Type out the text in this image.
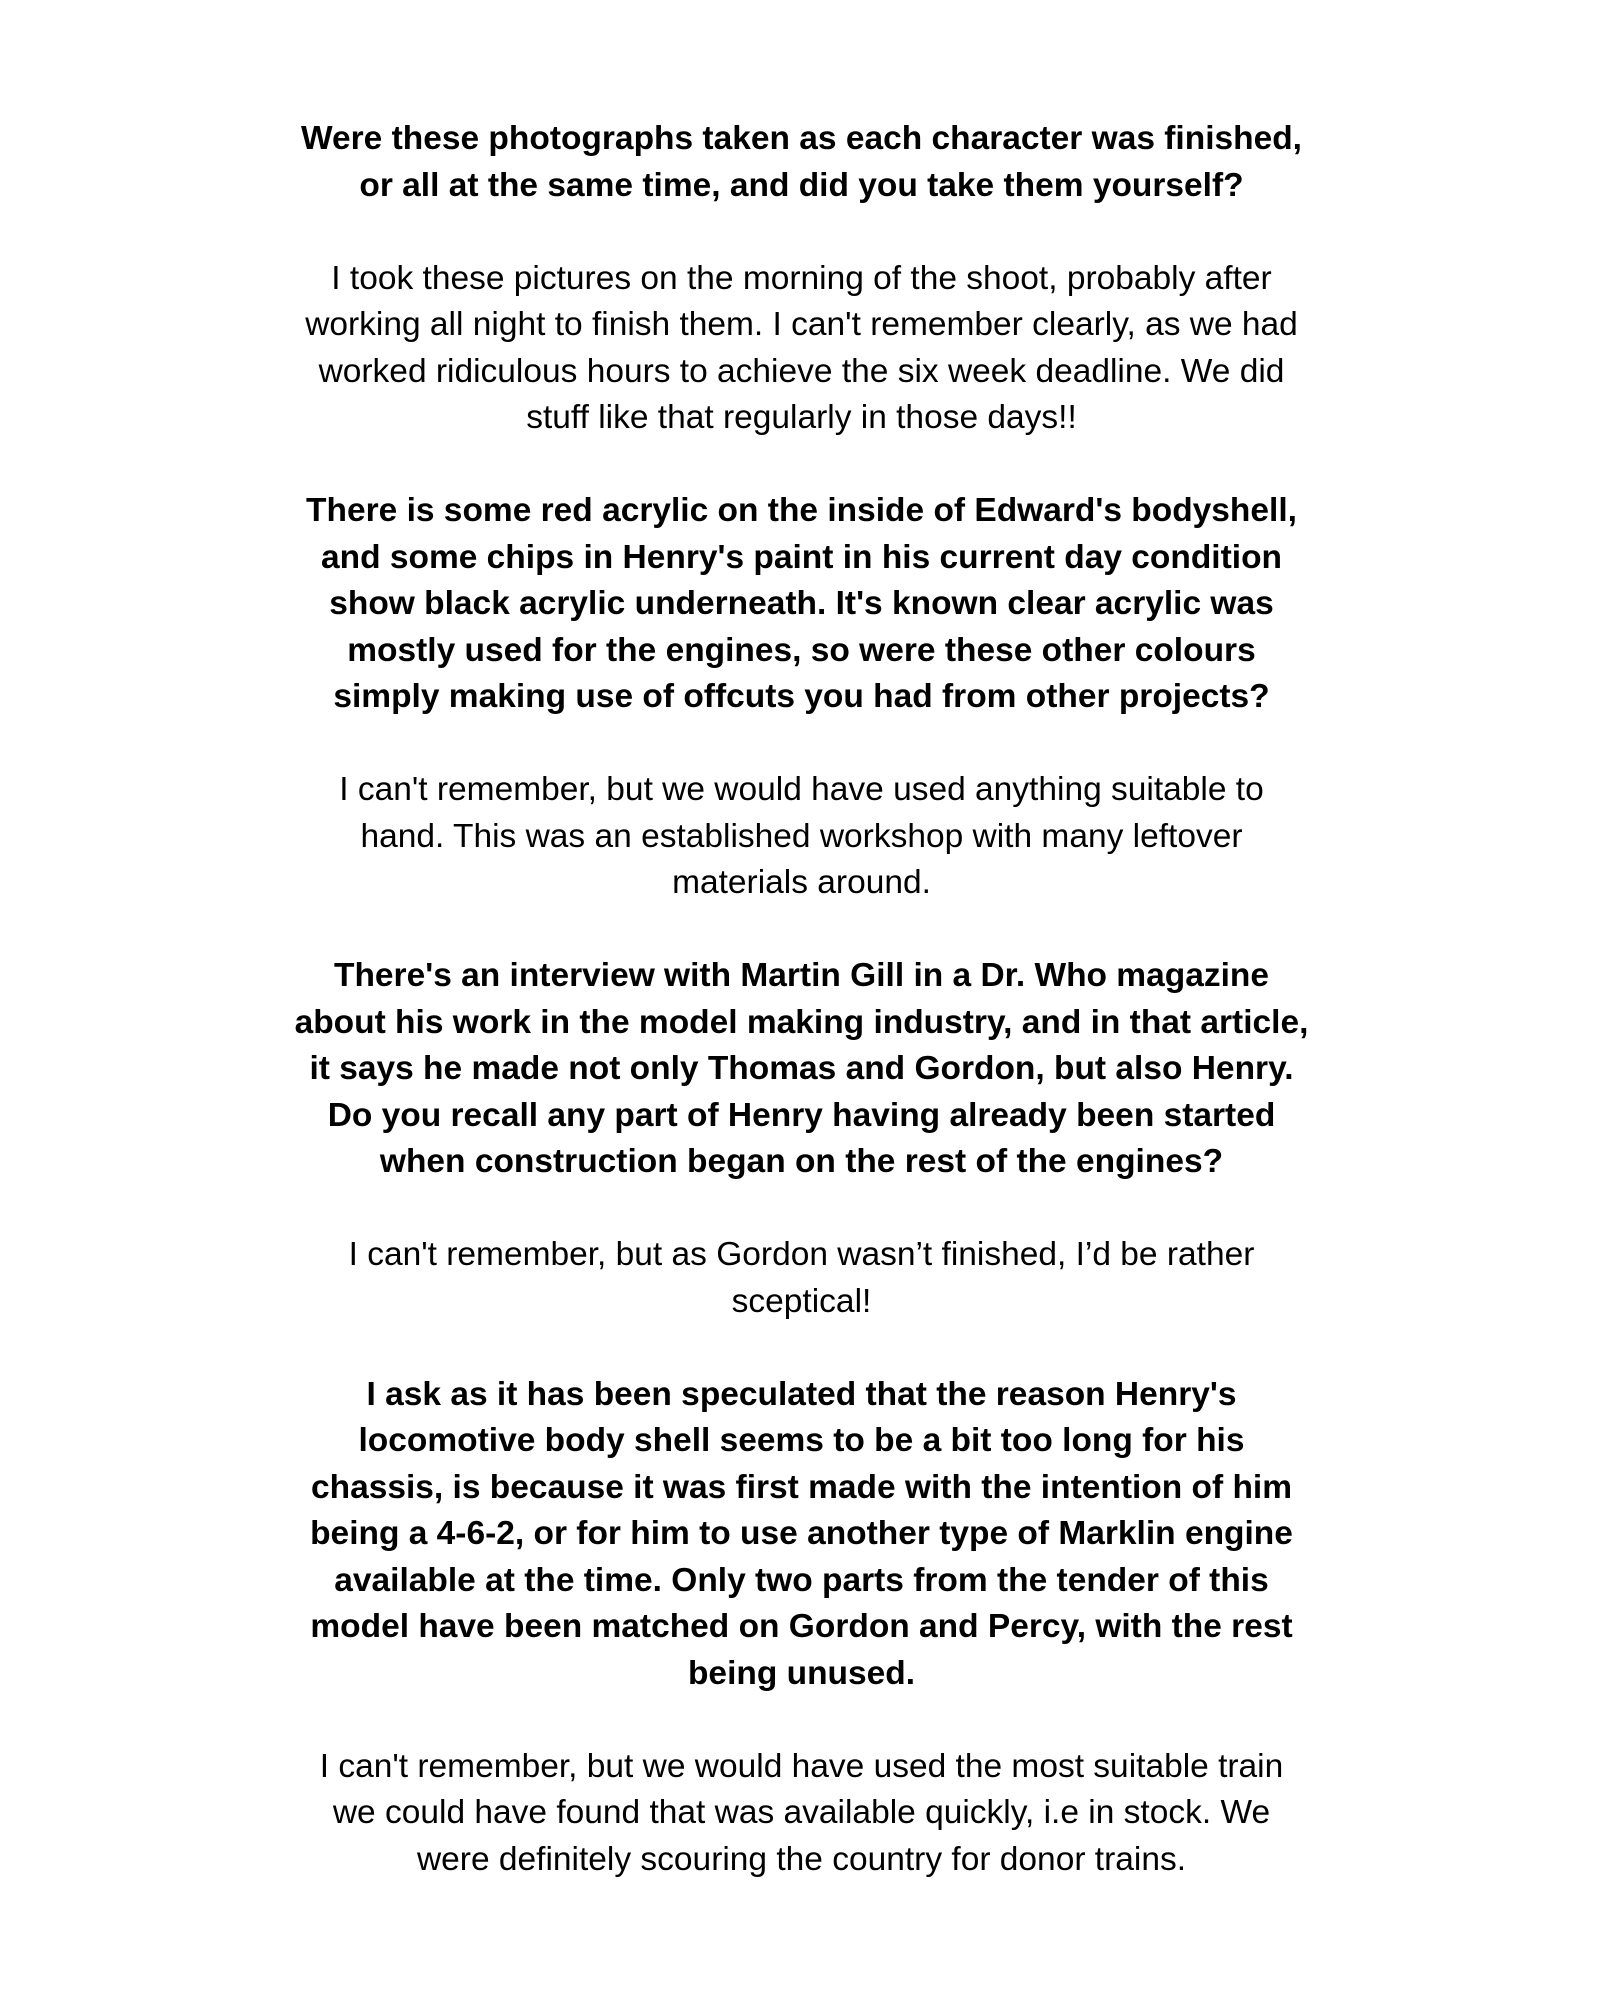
Were these photographs taken as each character was finished,
or all at the same time, and did you take them yourself?

I took these pictures on the morning of the shoot, probably after
working all night to finish them. I can't remember clearly, as we had
worked ridiculous hours to achieve the six week deadline. We did
stuff like that regularly in those days!!

There is some red acrylic on the inside of Edward's bodyshell,
and some chips in Henry's paint in his current day condition
show black acrylic underneath. It's known clear acrylic was
mostly used for the engines, so were these other colours
simply making use of offcuts you had from other projects?

I can't remember, but we would have used anything suitable to
hand. This was an established workshop with many leftover
materials around.

There's an interview with Martin Gill in a Dr. Who magazine
about his work in the model making industry, and in that article,
it says he made not only Thomas and Gordon, but also Henry.
Do you recall any part of Henry having already been started
when construction began on the rest of the engines?

I can't remember, but as Gordon wasn’t finished, I’d be rather
sceptical!

I ask as it has been speculated that the reason Henry's
locomotive body shell seems to be a bit too long for his
chassis, is because it was first made with the intention of him
being a 4-6-2, or for him to use another type of Marklin engine
available at the time. Only two parts from the tender of this
model have been matched on Gordon and Percy, with the rest
being unused.

I can't remember, but we would have used the most suitable train
we could have found that was available quickly, i.e in stock. We
were definitely scouring the country for donor trains.
